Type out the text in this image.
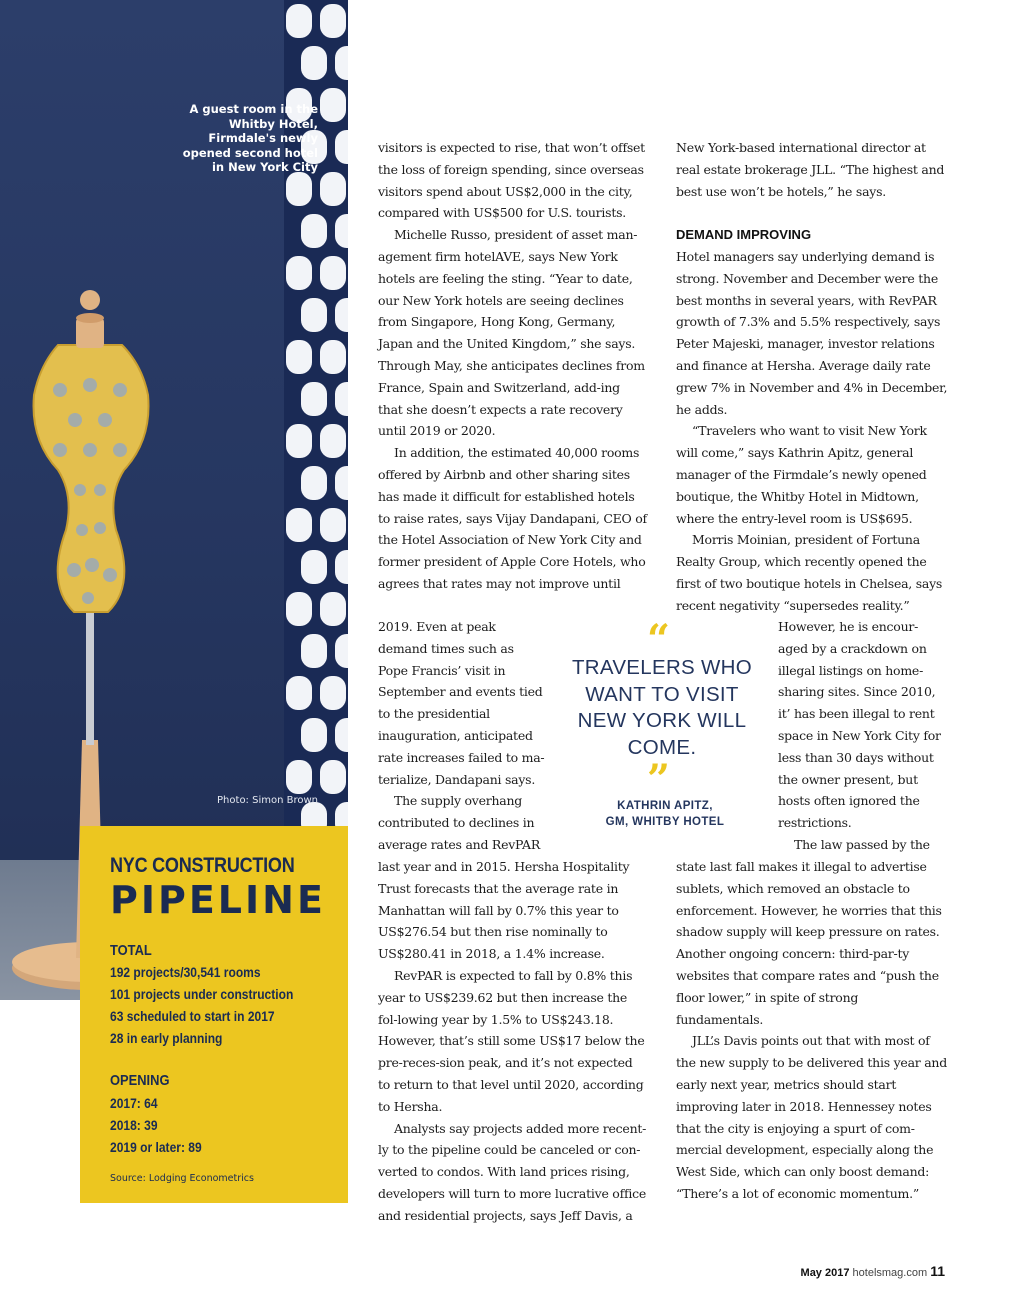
A guest room in the Whitby Hotel, Firmdale's newly opened second hotel in New York City
Photo: Simon Brown
NYC CONSTRUCTION
PIPELINE
TOTAL
192 projects/30,541 rooms
101 projects under construction
63 scheduled to start in 2017
28 in early planning
OPENING
2017: 64
2018: 39
2019 or later: 89
Source: Lodging Econometrics

visitors is expected to rise, that won’t offset the loss of foreign spending, since overseas visitors spend about US$2,000 in the city, compared with US$500 for U.S. tourists.

Michelle Russo, president of asset man-agement firm hotelAVE, says New York hotels are feeling the sting. “Year to date, our New York hotels are seeing declines from Singapore, Hong Kong, Germany, Japan and the United Kingdom,” she says. Through May, she anticipates declines from France, Spain and Switzerland, add-ing that she doesn’t expects a rate recovery until 2019 or 2020.

In addition, the estimated 40,000 rooms offered by Airbnb and other sharing sites has made it difficult for established hotels to raise rates, says Vijay Dandapani, CEO of the Hotel Association of New York City and former president of Apple Core Hotels, who agrees that rates may not improve until

2019. Even at peak demand times such as Pope Francis’ visit in September and events tied to the presidential inauguration, anticipated rate increases failed to ma-terialize, Dandapani says.

The supply overhang contributed to declines in average rates and RevPAR

last year and in 2015. Hersha Hospitality Trust forecasts that the average rate in Manhattan will fall by 0.7% this year to US$276.54 but then rise nominally to US$280.41 in 2018, a 1.4% increase.

RevPAR is expected to fall by 0.8% this year to US$239.62 but then increase the fol-lowing year by 1.5% to US$243.18. However, that’s still some US$17 below the pre-reces-sion peak, and it’s not expected to return to that level until 2020, according to Hersha.

Analysts say projects added more recent-ly to the pipeline could be canceled or con-verted to condos. With land prices rising, developers will turn to more lucrative office and residential projects, says Jeff Davis, a

New York-based international director at real estate brokerage JLL. “The highest and best use won’t be hotels,” he says.

DEMAND IMPROVING

Hotel managers say underlying demand is strong. November and December were the best months in several years, with RevPAR growth of 7.3% and 5.5% respectively, says Peter Majeski, manager, investor relations and finance at Hersha. Average daily rate grew 7% in November and 4% in December, he adds.

“Travelers who want to visit New York will come,” says Kathrin Apitz, general manager of the Firmdale’s newly opened boutique, the Whitby Hotel in Midtown, where the entry-level room is US$695.

Morris Moinian, president of Fortuna Realty Group, which recently opened the first of two boutique hotels in Chelsea, says recent negativity “supersedes reality.”

However, he is encour-aged by a crackdown on illegal listings on home-sharing sites. Since 2010, it’ has been illegal to rent space in New York City for less than 30 days without the owner present, but hosts often ignored the restrictions.

The law passed by the

state last fall makes it illegal to advertise sublets, which removed an obstacle to enforcement. However, he worries that this shadow supply will keep pressure on rates. Another ongoing concern: third-par-ty websites that compare rates and “push the floor lower,” in spite of strong fundamentals.

JLL’s Davis points out that with most of the new supply to be delivered this year and early next year, metrics should start improving later in 2018. Hennessey notes that the city is enjoying a spurt of com-mercial development, especially along the West Side, which can only boost demand: “There’s a lot of economic momentum.”

“
TRAVELERS WHO WANT TO VISIT NEW YORK WILL COME.
”
KATHRIN APITZ,
GM, WHITBY HOTEL
May 2017 hotelsmag.com 11
